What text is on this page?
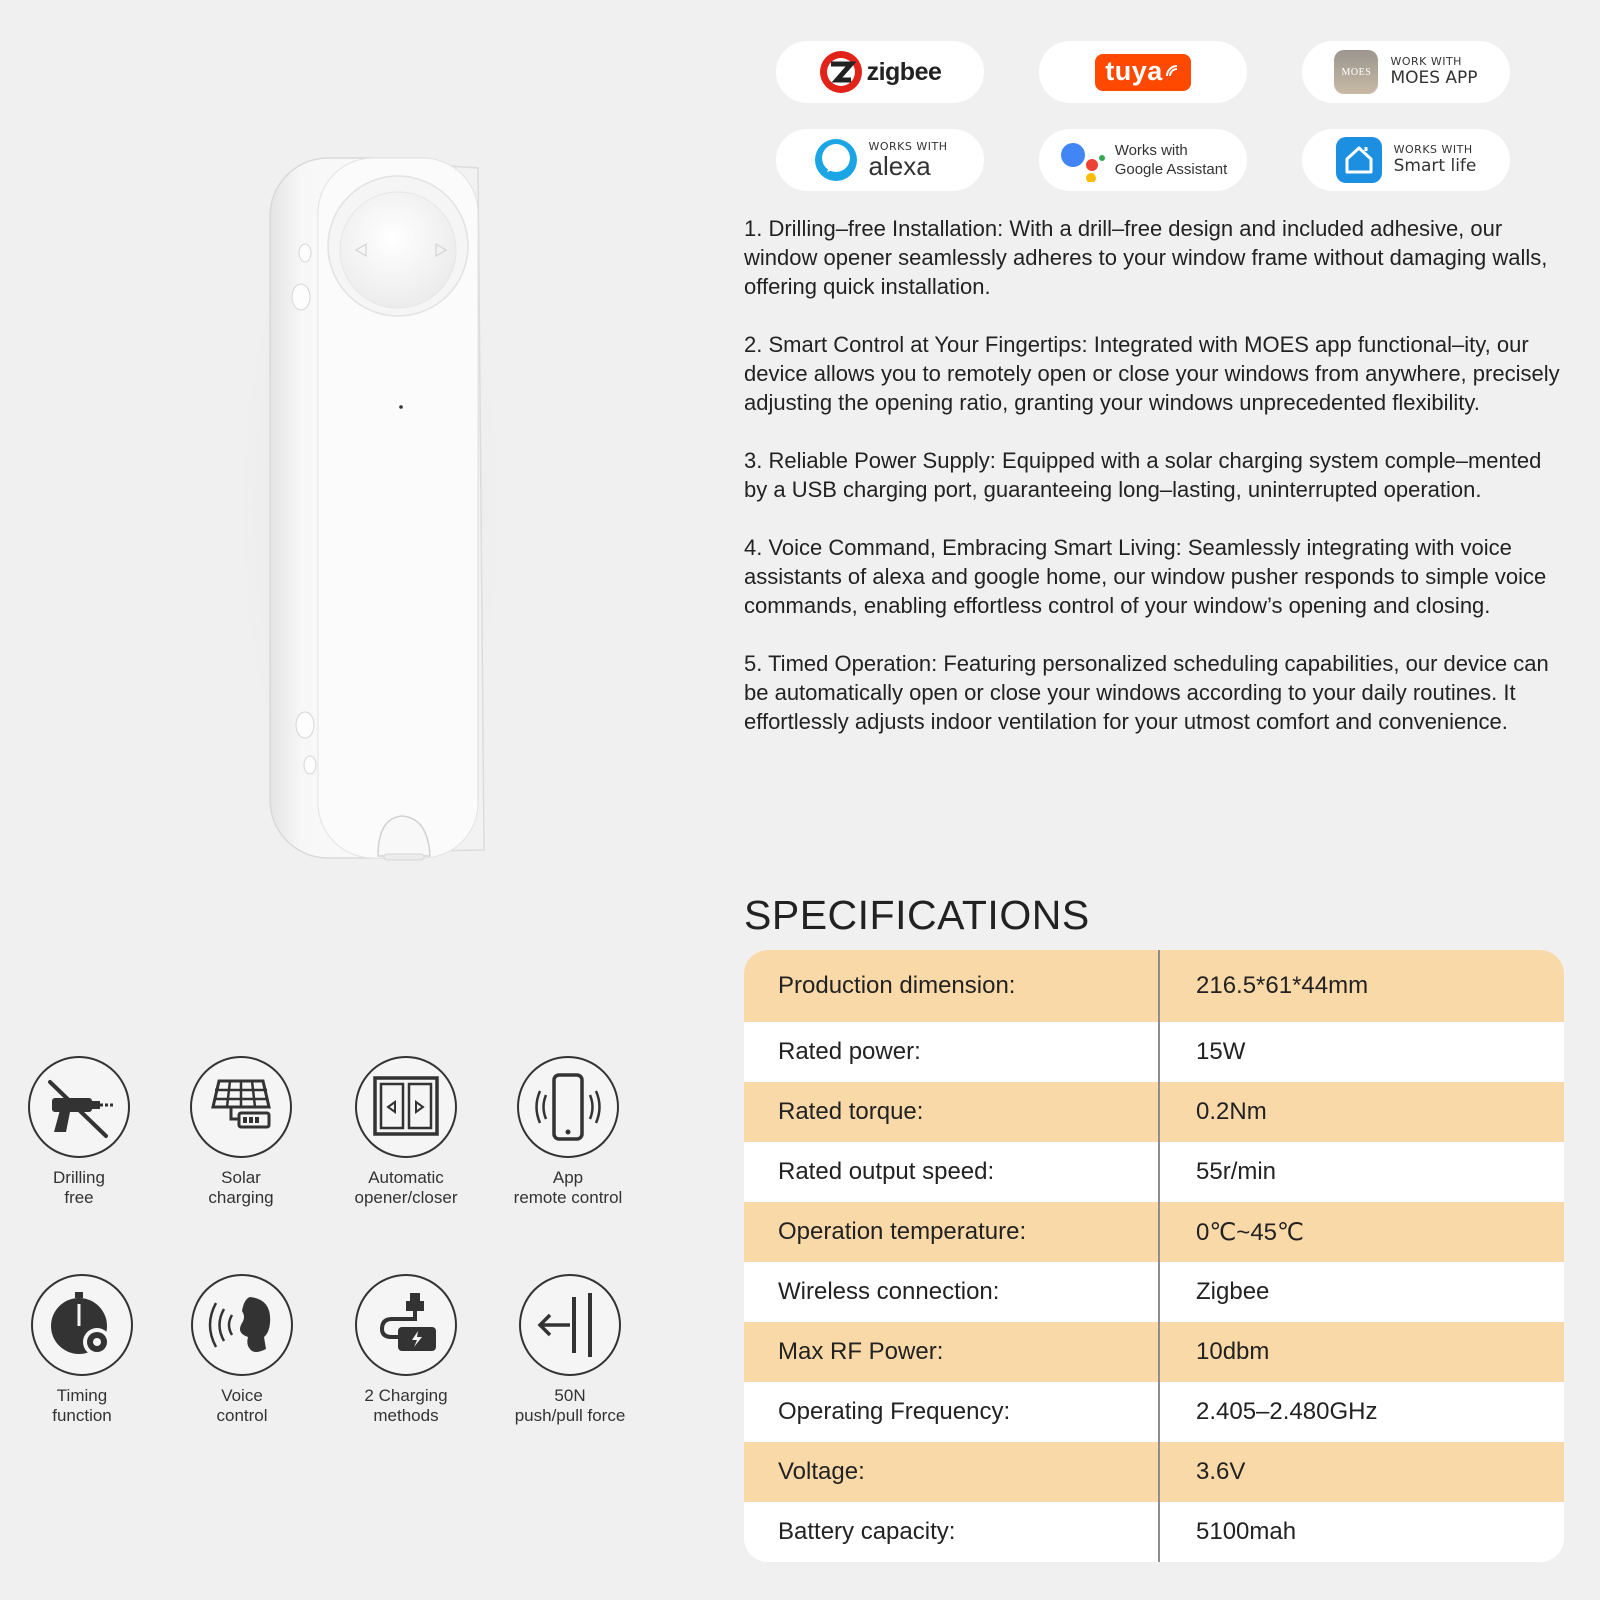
zigbee	tuya	MOES
WORK WITH
MOES APP
WORKS WITH
alexa
Works with
Google Assistant
WORKS WITH
Smart life

1. Drilling–free Installation: With a drill–free design and included adhesive, our window opener seamlessly adheres to your window frame without damaging walls, offering quick installation.

2. Smart Control at Your Fingertips: Integrated with MOES app functional–ity, our device allows you to remotely open or close your windows from anywhere, precisely adjusting the opening ratio, granting your windows unprecedented flexibility.

3. Reliable Power Supply: Equipped with a solar charging system comple–mented by a USB charging port, guaranteeing long–lasting, uninterrupted operation.

4. Voice Command, Embracing Smart Living: Seamlessly integrating with voice assistants of alexa and google home, our window pusher responds to simple voice commands, enabling effortless control of your window’s opening and closing.

5. Timed Operation: Featuring personalized scheduling capabilities, our device can be automatically open or close your windows according to your daily routines. It effortlessly adjusts indoor ventilation for your utmost comfort and convenience.

SPECIFICATIONS
Production dimension:	216.5*61*44mm
Rated power:	15W
Rated torque:	0.2Nm
Rated output speed:	55r/min
Operation temperature:	0℃~45℃
Wireless connection:	Zigbee
Max RF Power:	10dbm
Operating Frequency:	2.405–2.480GHz
Voltage:	3.6V
Battery capacity:	5100mah
Drilling
free
Solar
charging
Automatic
opener/closer
App
remote control
Timing
function
Voice
control
2 Charging
methods
50N
push/pull force
